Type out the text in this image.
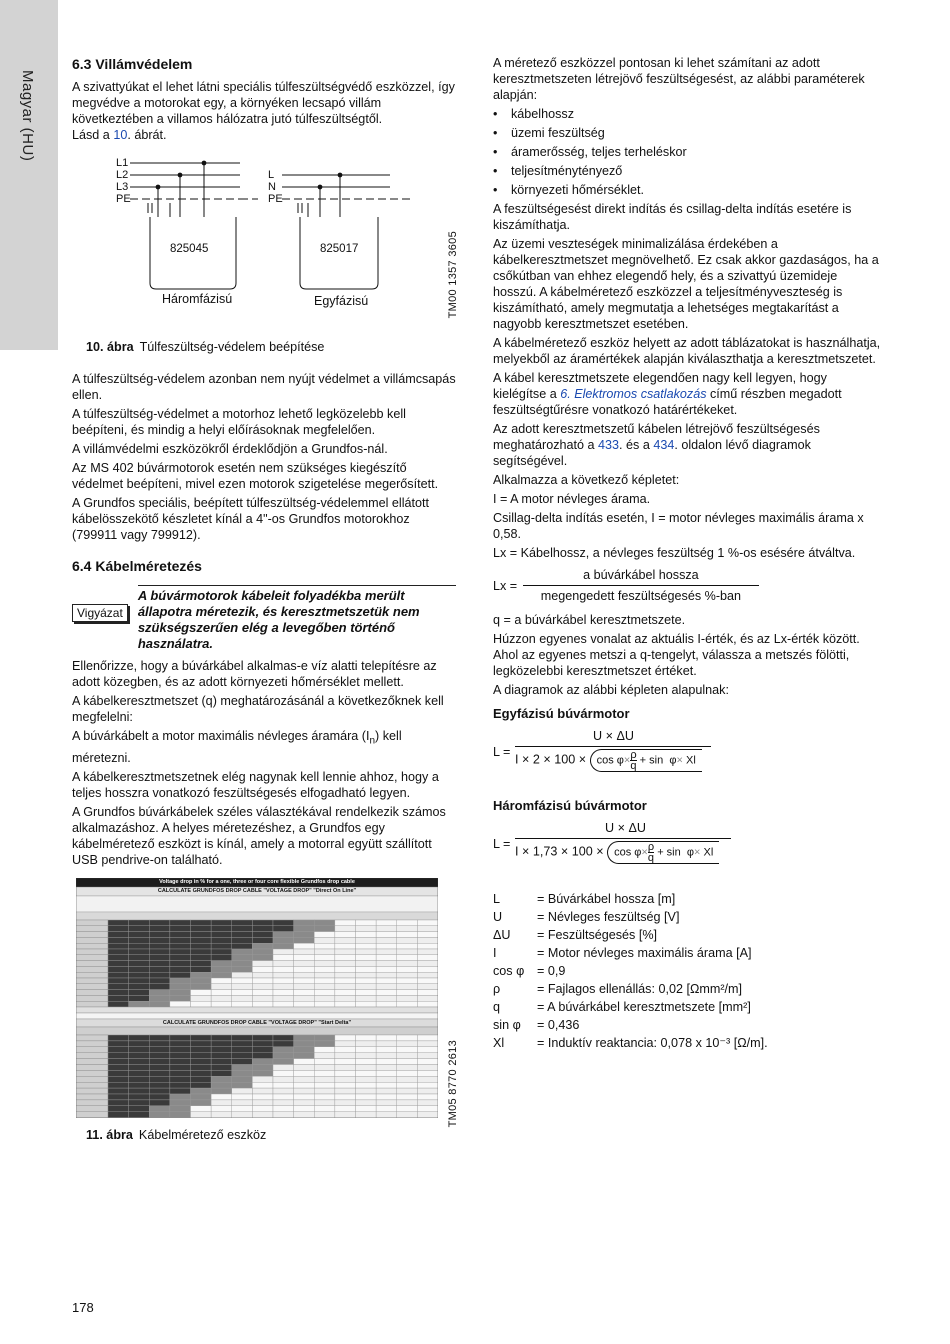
Magyar (HU)
6.3 Villámvédelem

A szivattyúkat el lehet látni speciális túlfeszültségvédő eszközzel, így megvédve a motorokat egy, a környéken lecsapó villám következtében a villamos hálózatra jutó túlfeszültségtől.
Lásd a 10. ábrát.

L1
L2
L3
PE
L
N
PE
825045	825017
Háromfázisú	Egyfázisú	TM00 1357 3605
10. ábra Túlfeszültség-védelem beépítése

A túlfeszültség-védelem azonban nem nyújt védelmet a villámcsapás ellen.

A túlfeszültség-védelmet a motorhoz lehető legközelebb kell beépíteni, és mindig a helyi előírásoknak megfelelően.

A villámvédelmi eszközökről érdeklődjön a Grundfos-nál.

Az MS 402 búvármotorok esetén nem szükséges kiegészítő védelmet beépíteni, mivel ezen motorok szigetelése megerősített.

A Grundfos speciális, beépített túlfeszültség-védelemmel ellátott kábelösszekötő készletet kínál a 4"-os Grundfos motorokhoz (799911 vagy 799912).

6.4 Kábelméretezés
Vigyázat
A búvármotorok kábeleit folyadékba merült állapotra méretezik, és keresztmetszetük nem szükségszerűen elég a levegőben történő használatra.

Ellenőrizze, hogy a búvárkábel alkalmas-e víz alatti telepítésre az adott közegben, és az adott környezeti hőmérséklet mellett.

A kábelkeresztmetszet (q) meghatározásánál a következőknek kell megfelelni:

A búvárkábelt a motor maximális névleges áramára $(I_n)$ kell méretezni.

A kábelkeresztmetszetnek elég nagynak kell lennie ahhoz, hogy a teljes hosszra vonatkozó feszültségesés elfogadható legyen.

A Grundfos búvárkábelek széles választékával rendelkezik számos alkalmazáshoz. A helyes méretezéshez, a Grundfos egy kábelméretező eszközt is kínál, amely a motorral együtt szállított USB pendrive-on található.

Voltage drop in % for a one, three or four core flexible Grundfos drop cable
CALCULATE GRUNDFOS DROP CABLE "VOLTAGE DROP" "Direct On Line"
CALCULATE GRUNDFOS DROP CABLE "VOLTAGE DROP" "Start Delta"
TM05 8770 2613
11. ábra Kábelméretező eszköz

A méretező eszközzel pontosan ki lehet számítani az adott keresztmetszeten létrejövő feszültségesést, az alábbi paraméterek alapján:

• kábelhossz
• üzemi feszültség
• áramerősség, teljes terheléskor
• teljesítménytényező
• környezeti hőmérséklet.

A feszültségesést direkt indítás és csillag-delta indítás esetére is kiszámíthatja.

Az üzemi veszteségek minimalizálása érdekében a kábelkeresztmetszet megnövelhető. Ez csak akkor gazdaságos, ha a csőkútban van ehhez elegendő hely, és a szivattyú üzemideje hosszú. A kábelméretező eszközzel a teljesítményveszteség is kiszámítható, amely megmutatja a lehetséges megtakarítást a nagyobb keresztmetszet esetében.

A kábelméretező eszköz helyett az adott táblázatokat is használhatja, melyekből az áramértékek alapján kiválaszthatja a keresztmetszetet.

A kábel keresztmetszete elegendően nagy kell legyen, hogy kielégítse a 6. Elektromos csatlakozás című részben megadott feszültségtűrésre vonatkozó határértékeket.

Az adott keresztmetszetű kábelen létrejövő feszültségesés meghatározható a 433. és a 434. oldalon lévő diagramok segítségével.

Alkalmazza a következő képletet:

I = A motor névleges árama.

Csillag-delta indítás esetén, I = motor névleges maximális árama x 0,58.

Lx = Kábelhossz, a névleges feszültség 1 %-os esésére átváltva.

$Lx = \frac{\text{a búvárkábel hossza}}{\text{megengedett feszültségesés \%-ban}}$

q = a búvárkábel keresztmetszete.

Húzzon egyenes vonalat az aktuális I-érték, és az Lx-érték között. Ahol az egyenes metszi a q-tengelyt, válassza a metszés fölötti, legközelebbi keresztmetszet értéket.

A diagramok az alábbi képleten alapulnak:

Egyfázisú búvármotor
L =
U × ΔU
$I \times 2 \times 100 \times \cos \varphi\times \frac{\rho}{q} + \sin \varphi\times Xl$
Háromfázisú búvármotor
L =
U × ΔU
$I \times 1,73 \times 100 \times \cos \varphi\times \frac{\rho}{q} + \sin \varphi\times Xl$
L	= Búvárkábel hossza [m]
U	= Névleges feszültség [V]
ΔU	= Feszültségesés [%]
I	= Motor névleges maximális árama [A]
cos φ	= 0,9
ρ	= Fajlagos ellenállás: 0,02 [Ωmm²/m]
q	= A búvárkábel keresztmetszete [mm²]
sin φ	= 0,436
Xl	= Induktív reaktancia: 0,078 x 10⁻³ [Ω/m].
178
